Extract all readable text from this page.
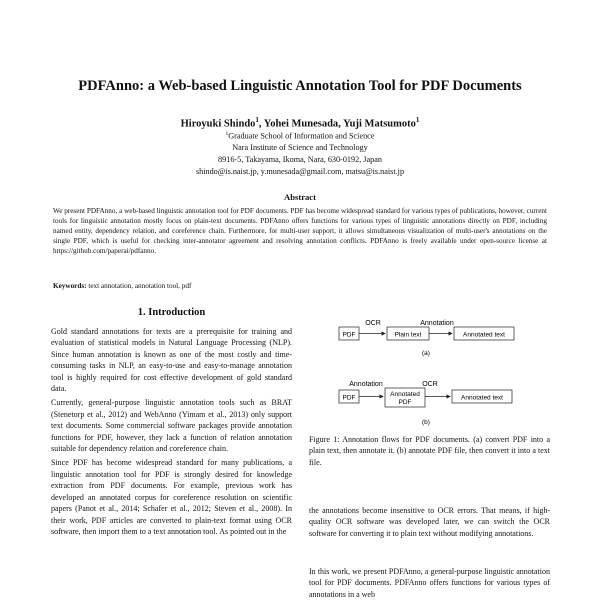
PDFAnno: a Web-based Linguistic Annotation Tool for PDF Documents
Hiroyuki Shindo$^1$, Yohei Munesada, Yuji Matsumoto$^1$
$^1$Graduate School of Information and Science
Nara Institute of Science and Technology
8916-5, Takayama, Ikoma, Nara, 630-0192, Japan
shindo@is.naist.jp, y.munesada@gmail.com, matsu@is.naist.jp
Abstract
We present PDFAnno, a web-based linguistic annotation tool for PDF documents. PDF has become widespread standard for various types of publications, however, current tools for linguistic annotation mostly focus on plain-text documents. PDFAnno offers functions for various types of linguistic annotations directly on PDF, including named entity, dependency relation, and coreference chain. Furthermore, for multi-user support, it allows simultaneous visualization of multi-user's annotations on the single PDF, which is useful for checking inter-annotator agreement and resolving annotation conflicts. PDFAnno is freely available under open-source license at https://github.com/paperai/pdfanno.
Keywords: text annotation, annotation tool, pdf
1. Introduction

Gold standard annotations for texts are a prerequisite for training and evaluation of statistical models in Natural Language Processing (NLP). Since human annotation is known as one of the most costly and time-consuming tasks in NLP, an easy-to-use and easy-to-manage annotation tool is highly required for cost effective development of gold standard data.

Currently, general-purpose linguistic annotation tools such as BRAT (Stenetorp et al., 2012) and WebAnno (Yimam et al., 2013) only support text documents. Some commercial software packages provide annotation functions for PDF, however, they lack a function of relation annotation suitable for dependency relation and coreference chain.

Since PDF has become widespread standard for many publications, a linguistic annotation tool for PDF is strongly desired for knowledge extraction from PDF documents. For example, previous work has developed an annotated corpus for coreference resolution on scientific papers (Panot et al., 2014; Schafer et al., 2012; Steven et al., 2008). In their work, PDF articles are converted to plain-text format using OCR software, then import them to a text annotation tool. As pointed out in the

OCR	Annotation
PDF	Plain text	Annotated text
(a)
Annotation	OCR
PDF	Annotated
PDF
Annotated text
(b)
Figure 1: Annotation flows for PDF documents. (a) convert PDF into a plain text, then annotate it. (b) annotate PDF file, then convert it into a text file.
the annotations become insensitive to OCR errors. That means, if high-quality OCR software was developed later, we can switch the OCR software for converting it to plain text without modifying annotations.
In this work, we present PDFAnno, a general-purpose linguistic annotation tool for PDF documents. PDFAnno offers functions for various types of annotations in a web
